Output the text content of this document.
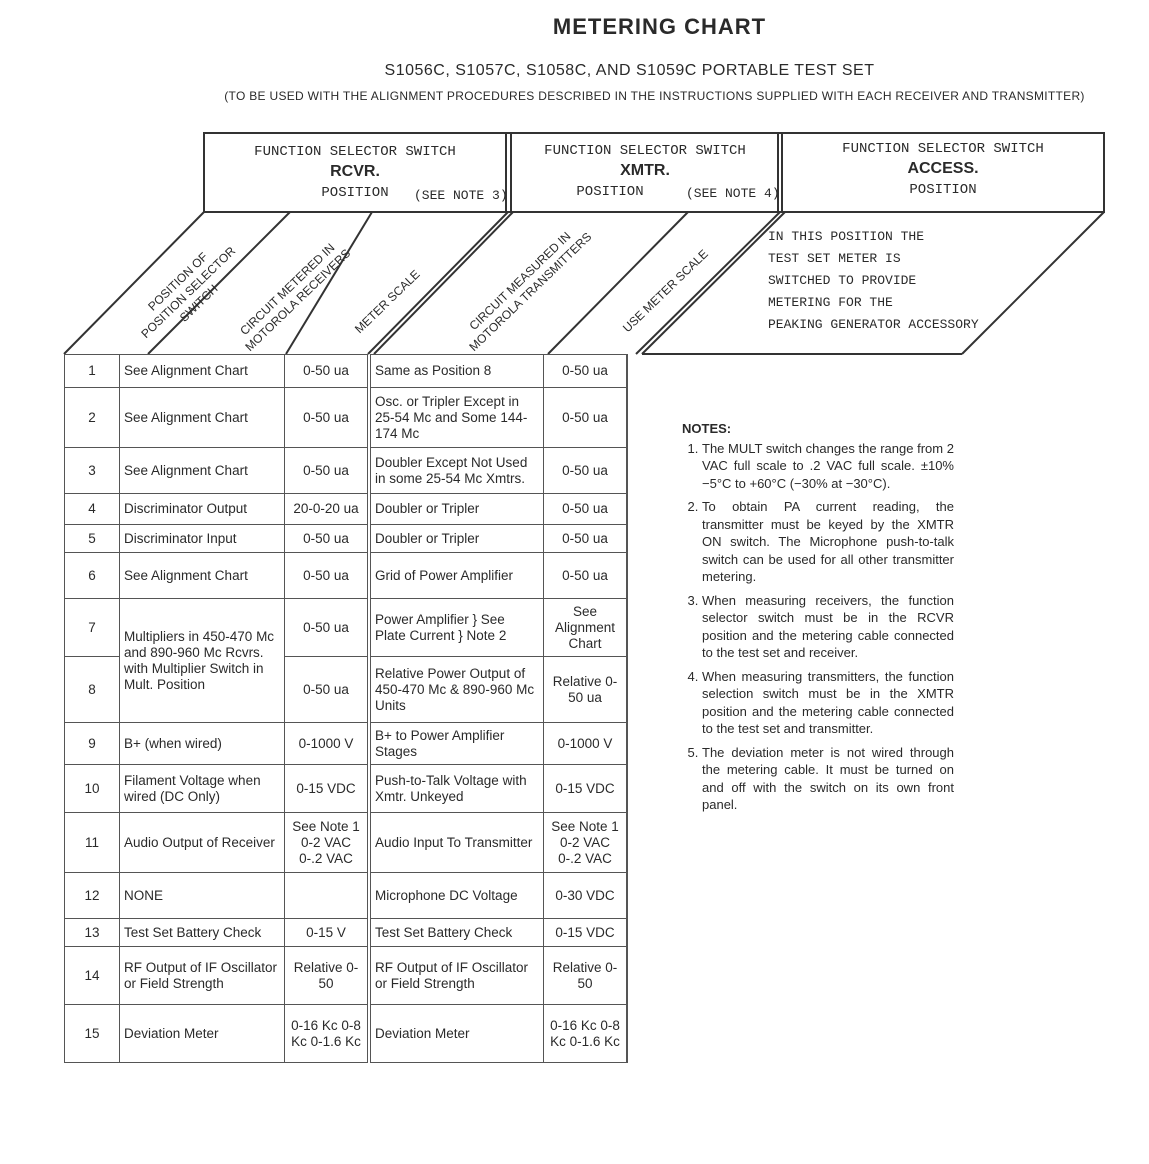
METERING CHART
S1056C, S1057C, S1058C, AND S1059C PORTABLE TEST SET
(TO BE USED WITH THE ALIGNMENT PROCEDURES DESCRIBED IN THE INSTRUCTIONS SUPPLIED WITH EACH RECEIVER AND TRANSMITTER)
FUNCTION SELECTOR SWITCH
RCVR.
POSITION	(SEE NOTE 3)
FUNCTION SELECTOR SWITCH
XMTR.
POSITION	(SEE NOTE 4)
FUNCTION SELECTOR SWITCH
ACCESS.
POSITION
POSITION OF
POSITION SELECTOR
SWITCH	CIRCUIT METERED IN
MOTOROLA RECEIVERS
METER SCALE	CIRCUIT MEASURED IN
MOTOROLA TRANSMITTERS USE METER SCALE
IN THIS POSITION THE
TEST SET METER IS
SWITCHED TO PROVIDE
METERING FOR THE
PEAKING GENERATOR ACCESSORY
1	See Alignment Chart	0-50 ua	Same as Position 8	0-50 ua
2	See Alignment Chart	0-50 ua	Osc. or Tripler Except in 25-54 Mc and Some 144-174 Mc	0-50 ua
3	See Alignment Chart	0-50 ua	Doubler Except Not Used in some 25-54 Mc Xmtrs.	0-50 ua
4	Discriminator Output	20-0-20 ua	Doubler or Tripler	0-50 ua
5	Discriminator Input	0-50 ua	Doubler or Tripler	0-50 ua
6	See Alignment Chart	0-50 ua	Grid of Power Amplifier	0-50 ua
7	Multipliers in 450-470 Mc and 890-960 Mc Rcvrs. with Multiplier Switch in Mult. Position	0-50 ua	Power Amplifier } See Plate Current } Note 2	See Alignment Chart
8		0-50 ua	Relative Power Output of 450-470 Mc & 890-960 Mc Units	Relative 0-50 ua
9	B+ (when wired)	0-1000 V	B+ to Power Amplifier Stages	0-1000 V
10	Filament Voltage when wired (DC Only)	0-15 VDC	Push-to-Talk Voltage with Xmtr. Unkeyed	0-15 VDC
11	Audio Output of Receiver	See Note 1 0-2 VAC 0-.2 VAC	Audio Input To Transmitter	See Note 1 0-2 VAC 0-.2 VAC
12	NONE		Microphone DC Voltage	0-30 VDC
13	Test Set Battery Check	0-15 V	Test Set Battery Check	0-15 VDC
14	RF Output of IF Oscillator or Field Strength	Relative 0-50	RF Output of IF Oscillator or Field Strength	Relative 0-50
15	Deviation Meter	0-16 Kc 0-8 Kc 0-1.6 Kc	Deviation Meter	0-16 Kc 0-8 Kc 0-1.6 Kc
NOTES:
1. The MULT switch changes the range from 2 VAC full scale to .2 VAC full scale. ±10% −5°C to +60°C (−30% at −30°C).
2. To obtain PA current reading, the transmitter must be keyed by the XMTR ON switch. The Microphone push-to-talk switch can be used for all other transmitter metering.
3. When measuring receivers, the function selector switch must be in the RCVR position and the metering cable connected to the test set and receiver.
4. When measuring transmitters, the function selection switch must be in the XMTR position and the metering cable connected to the test set and transmitter.
5. The deviation meter is not wired through the metering cable. It must be turned on and off with the switch on its own front panel.
